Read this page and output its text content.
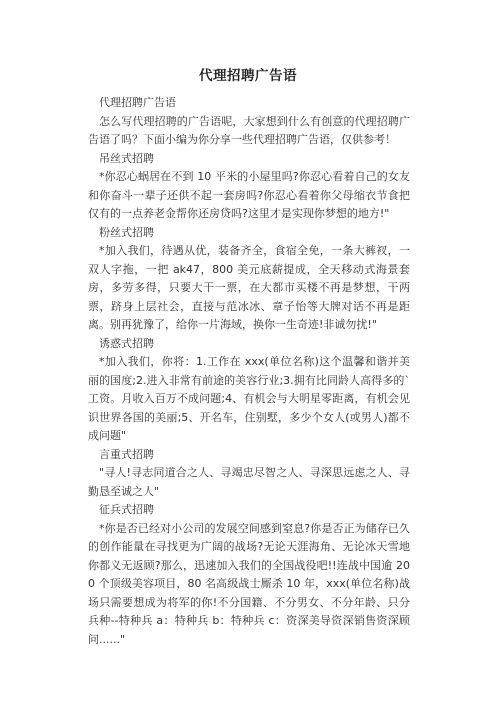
代理招聘广告语

代理招聘广告语

怎么写代理招聘的广告语呢，大家想到什么有创意的代理招聘广告语了吗？下面小编为你分享一些代理招聘广告语，仅供参考！

吊丝式招聘

*你忍心蜗居在不到 10 平米的小屋里吗?你忍心看着自己的女友和你奋斗一辈子还供不起一套房吗?你忍心看着你父母缩衣节食把仅有的一点养老金帮你还房贷吗?这里才是实现你梦想的地方!"

粉丝式招聘

*加入我们，待遇从优，装备齐全，食宿全免，一条大裤衩，一双人字拖，一把 ak47，800 美元底薪提成，全天移动式海景套房，多劳多得，只要大干一票，在大都市买楼不再是梦想，干两票，跻身上层社会，直接与范冰冰、章子怡等大牌对话不再是距离。别再犹豫了，给你一片海域，换你一生奇迹!非诚勿扰!"

诱惑式招聘

*加入我们，你将：1.工作在 xxx(单位名称)这个温馨和谐并美丽的国度;2.进入非常有前途的美容行业;3.拥有比同龄人高得多的`工资。月收入百万不成问题;4、有机会与大明星零距离，有机会见识世界各国的美丽;5、开名车，住别墅，多少个女人(或男人)都不成问题"

言重式招聘

"寻人!寻志同道合之人、寻竭忠尽智之人、寻深思远虑之人、寻勤恳至诚之人"

征兵式招聘

*你是否已经对小公司的发展空间感到窒息?你是否正为储存已久的创作能量在寻找更为广阔的战场?无论天涯海角、无论冰天雪地你都义无返顾?那么，迅速加入我们的全国战役吧!!连战中国逾 200 个顶级美容项目，80 名高级战士厮杀 10 年，xxx(单位名称)战场只需要想成为将军的你!不分国籍、不分男女、不分年龄、只分兵种--特种兵 a：特种兵 b：特种兵 c：资深美导资深销售资深顾问......"
